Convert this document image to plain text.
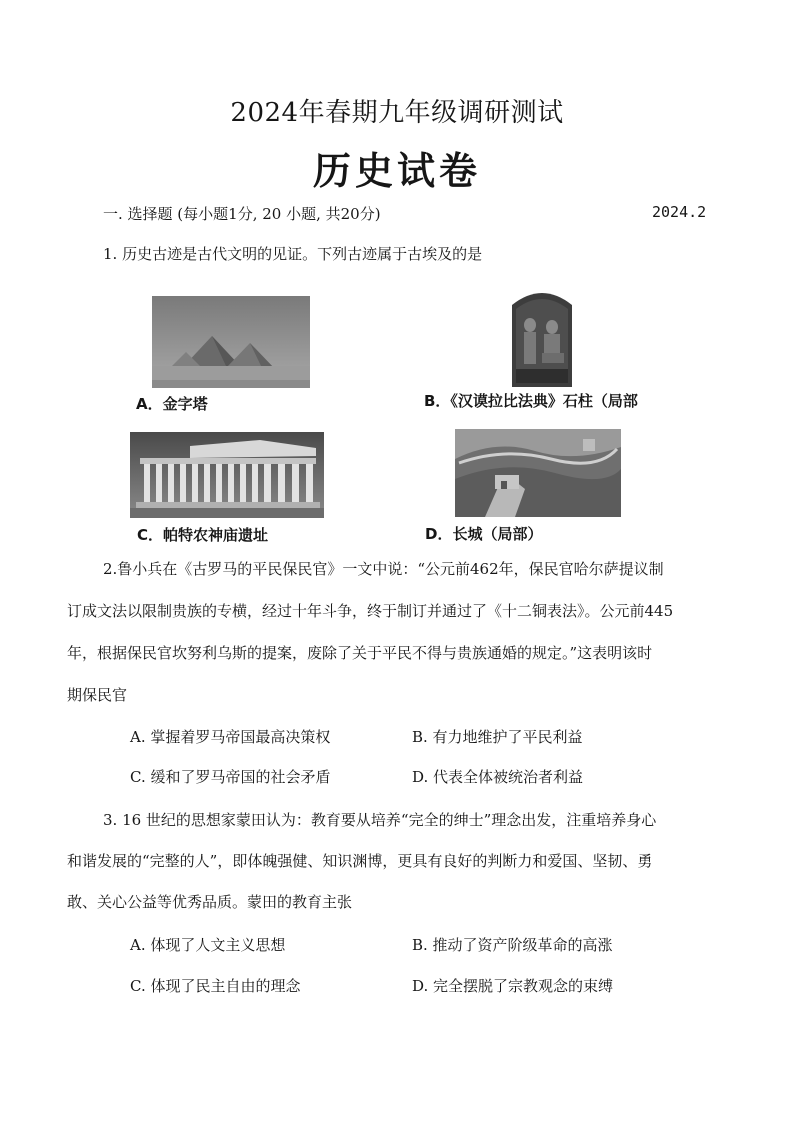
2024年春期九年级调研测试
历史试卷
一. 选择题 (每小题1分, 20 小题, 共20分)	2024.2
1. 历史古迹是古代文明的见证。下列古迹属于古埃及的是
A．金字塔	B．《汉谟拉比法典》石柱（局部
C．帕特农神庙遗址	D．长城（局部）
2.鲁小兵在《古罗马的平民保民官》一文中说：“公元前462年，保民官哈尔萨提议制
订成文法以限制贵族的专横，经过十年斗争，终于制订并通过了《十二铜表法》。公元前445
年，根据保民官坎努利乌斯的提案，废除了关于平民不得与贵族通婚的规定。”这表明该时
期保民官
A. 掌握着罗马帝国最高决策权	B. 有力地维护了平民利益
C. 缓和了罗马帝国的社会矛盾	D. 代表全体被统治者利益
3. 16 世纪的思想家蒙田认为：教育要从培养“完全的绅士”理念出发，注重培养身心
和谐发展的“完整的人”，即体魄强健、知识渊博，更具有良好的判断力和爱国、坚韧、勇
敢、关心公益等优秀品质。蒙田的教育主张
A. 体现了人文主义思想	B. 推动了资产阶级革命的高涨
C. 体现了民主自由的理念	D. 完全摆脱了宗教观念的束缚
